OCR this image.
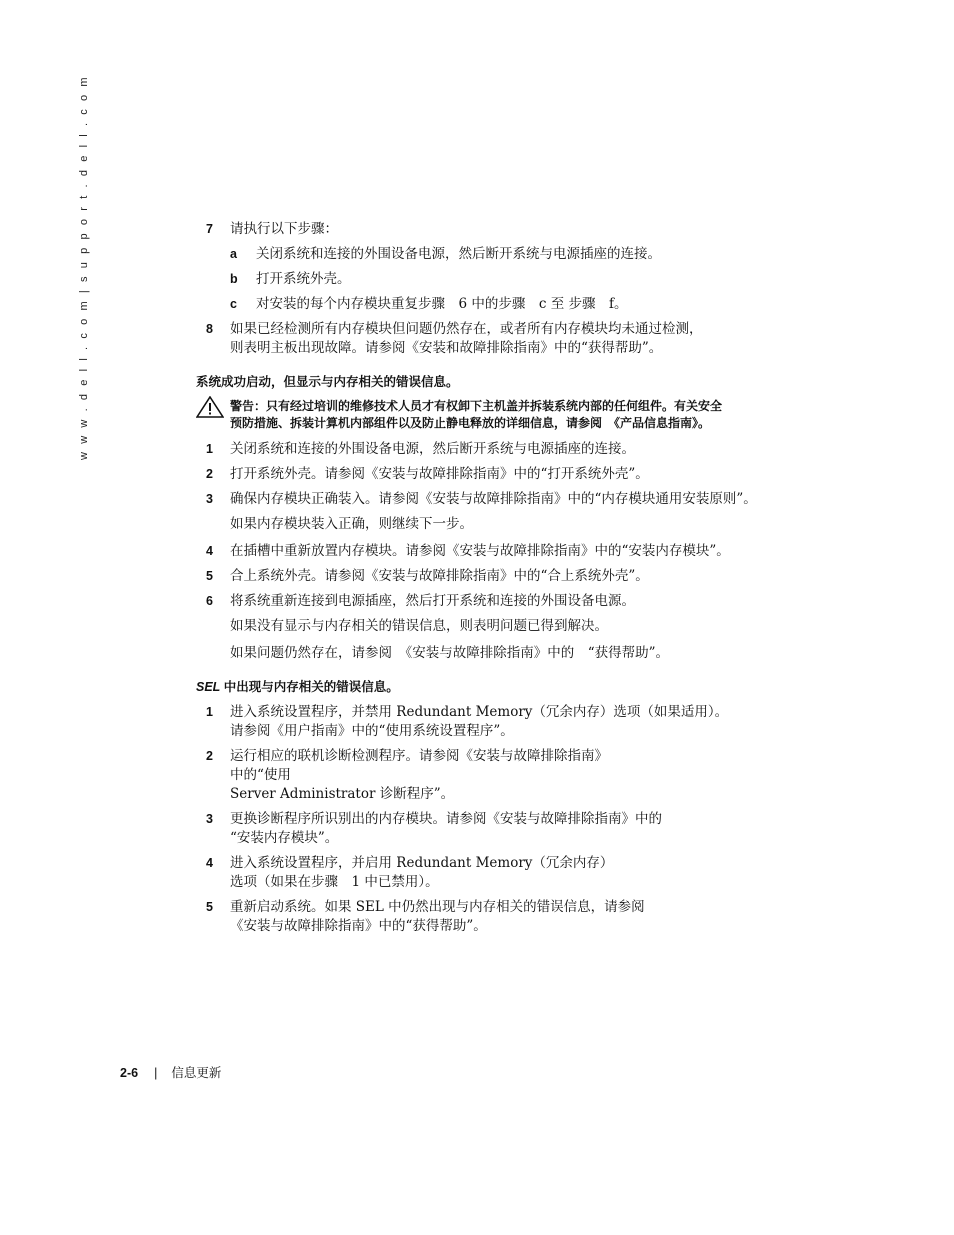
w w w . d e l l . c o m | s u p p o r t . d e l l . c o m	7 请执行以下步骤：
a 关闭系统和连接的外围设备电源，然后断开系统与电源插座的连接。
b 打开系统外壳。
c 对安装的每个内存模块重复步骤　6 中的步骤　c 至 步骤　f。
8 如果已经检测所有内存模块但问题仍然存在，或者所有内存模块均未通过检测，
则表明主板出现故障。请参阅《安装和故障排除指南》中的“获得帮助”。
系统成功启动，但显示与内存相关的错误信息。
警告：只有经过培训的维修技术人员才有权卸下主机盖并拆装系统内部的任何组件。有关安全
预防措施、拆装计算机内部组件以及防止静电释放的详细信息，请参阅　《产品信息指南》。
1 关闭系统和连接的外围设备电源，然后断开系统与电源插座的连接。
2 打开系统外壳。请参阅《安装与故障排除指南》中的“打开系统外壳”。
3 确保内存模块正确装入。请参阅《安装与故障排除指南》中的“内存模块通用安装原则”。
如果内存模块装入正确，则继续下一步。
4 在插槽中重新放置内存模块。请参阅《安装与故障排除指南》中的“安装内存模块”。
5 合上系统外壳。请参阅《安装与故障排除指南》中的“合上系统外壳”。
6 将系统重新连接到电源插座，然后打开系统和连接的外围设备电源。
如果没有显示与内存相关的错误信息，则表明问题已得到解决。
如果问题仍然存在，请参阅　《安装与故障排除指南》中的　“获得帮助”。
SEL 中出现与内存相关的错误信息。
1 进入系统设置程序，并禁用 Redundant Memory（冗余内存）选项（如果适用）。
请参阅《用户指南》中的“使用系统设置程序”。
2 运行相应的联机诊断检测程序。请参阅《安装与故障排除指南》
中的“使用
Server Administrator 诊断程序”。
3 更换诊断程序所识别出的内存模块。请参阅《安装与故障排除指南》中的
“安装内存模块”。
4 进入系统设置程序，并启用 Redundant Memory（冗余内存）
选项（如果在步骤　1 中已禁用）。
5 重新启动系统。如果 SEL 中仍然出现与内存相关的错误信息，请参阅
《安装与故障排除指南》中的“获得帮助”。
2-6 | 信息更新
